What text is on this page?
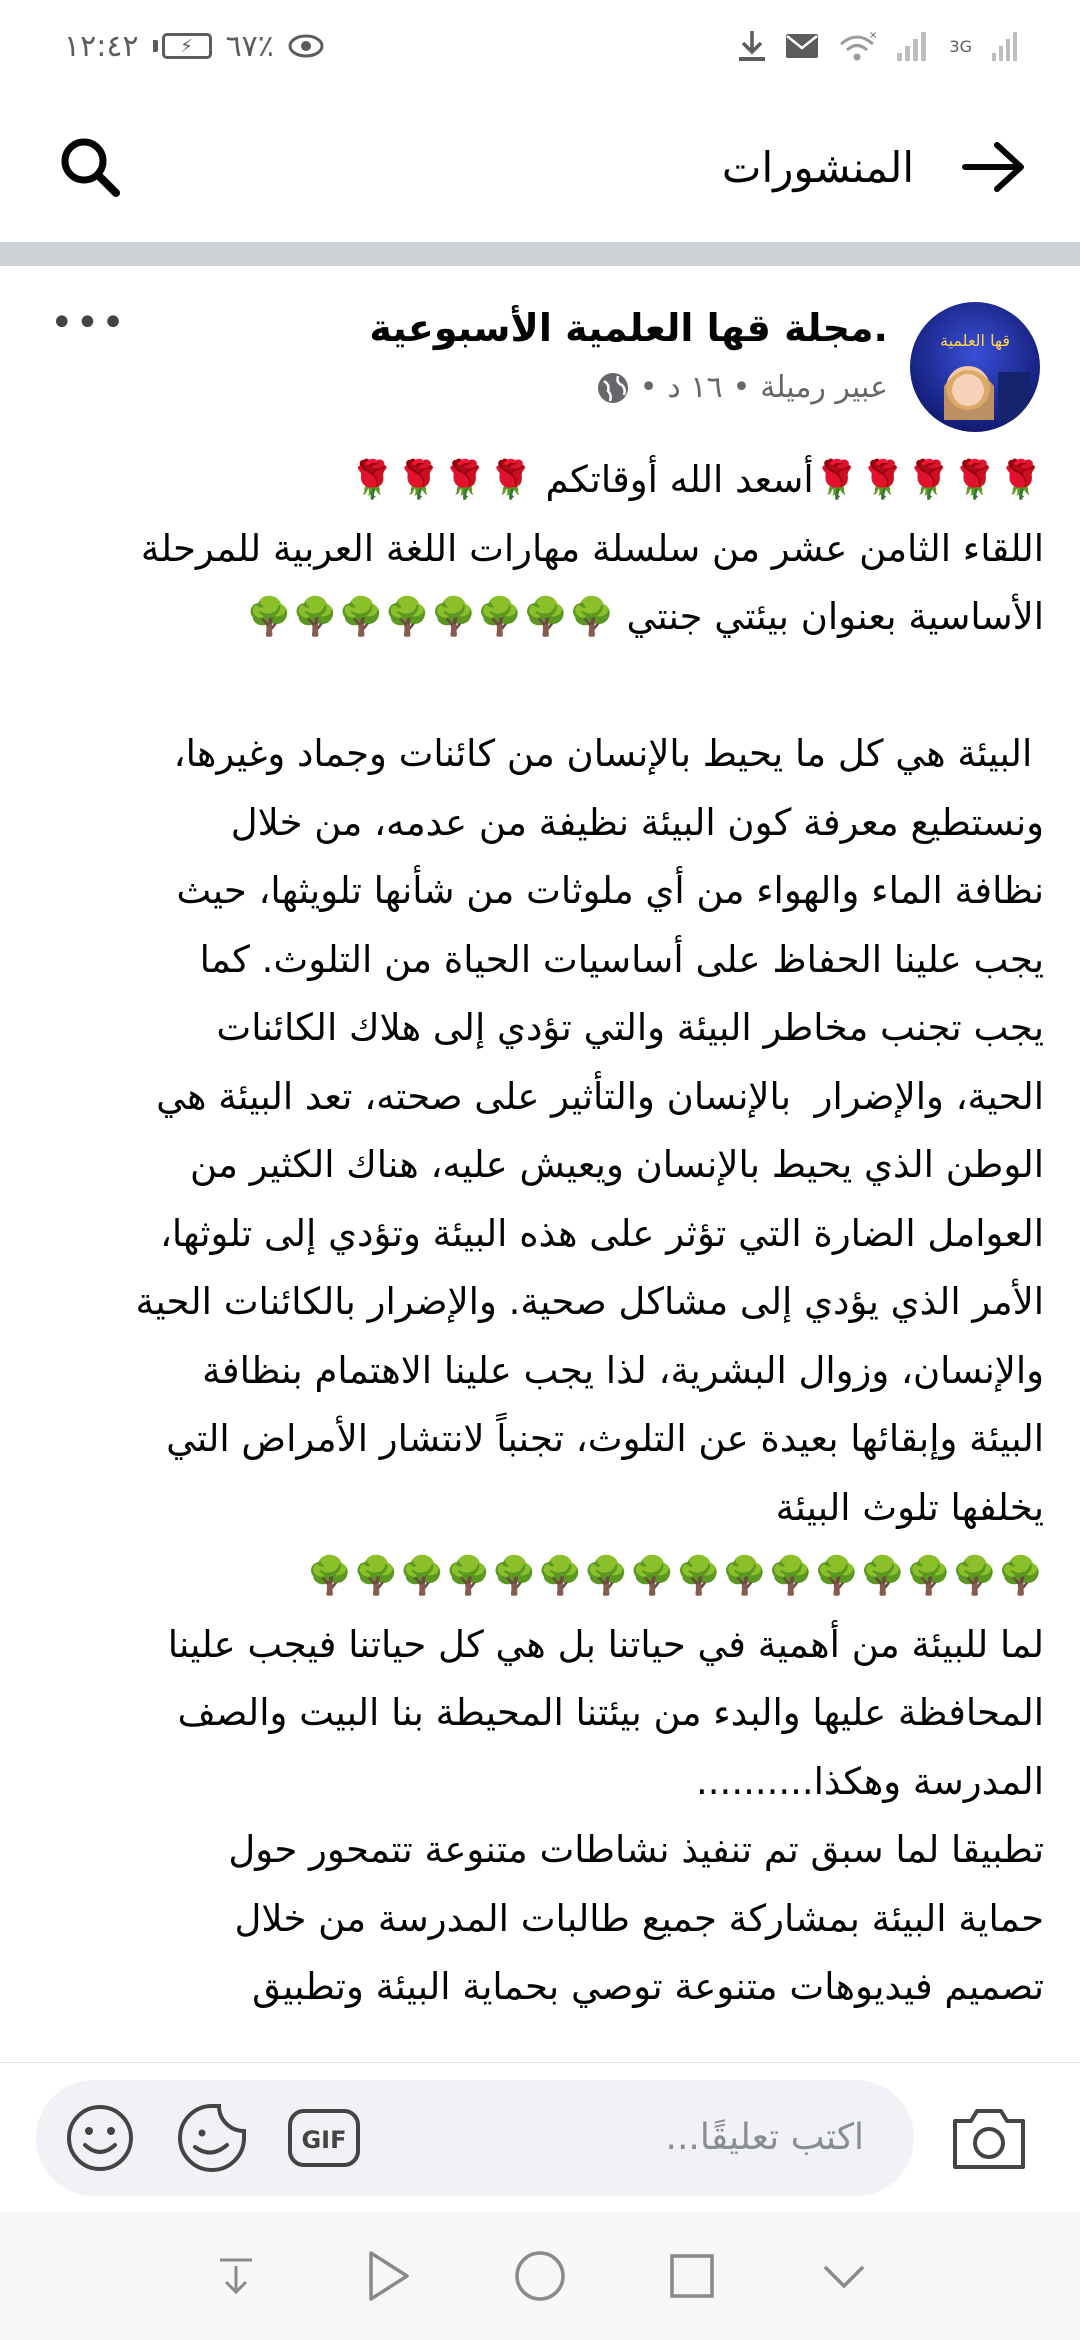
١٢:٤٢	⚡	٦٧٪	×
3G
المنشورات
قها العلمية
.مجلة قها العلمية الأسبوعية
عبير رميلة
•
١٦ د
•
•••
🌹🌹🌹🌹🌹أسعد الله أوقاتكم 🌹🌹🌹🌹
اللقاء الثامن عشر من سلسلة مهارات اللغة العربية للمرحلة
الأساسية بعنوان بيئتي جنتي 🌳🌳🌳🌳🌳🌳🌳🌳

البيئة هي كل ما يحيط بالإنسان من كائنات وجماد وغيرها،
ونستطيع معرفة كون البيئة نظيفة من عدمه، من خلال
نظافة الماء والهواء من أي ملوثات من شأنها تلويثها، حيث
يجب علينا الحفاظ على أساسيات الحياة من التلوث. كما
يجب تجنب مخاطر البيئة والتي تؤدي إلى هلاك الكائنات
الحية، والإضرار  بالإنسان والتأثير على صحته، تعد البيئة هي
الوطن الذي يحيط بالإنسان ويعيش عليه، هناك الكثير من
العوامل الضارة التي تؤثر على هذه البيئة وتؤدي إلى تلوثها،
الأمر الذي يؤدي إلى مشاكل صحية. والإضرار بالكائنات الحية
والإنسان، وزوال البشرية، لذا يجب علينا الاهتمام بنظافة
البيئة وإبقائها بعيدة عن التلوث، تجنباً لانتشار الأمراض التي
يخلفها تلوث البيئة
🌳🌳🌳🌳🌳🌳🌳🌳🌳🌳🌳🌳🌳🌳🌳🌳
لما للبيئة من أهمية في حياتنا بل هي كل حياتنا فيجب علينا
المحافظة عليها والبدء من بيئتنا المحيطة بنا البيت والصف
المدرسة وهكذا..........
تطبيقا لما سبق تم تنفيذ نشاطات متنوعة تتمحور حول
حماية البيئة بمشاركة جميع طالبات المدرسة من خلال
تصميم فيديوهات متنوعة توصي بحماية البيئة وتطبيق
GIF
اكتب تعليقًا...
